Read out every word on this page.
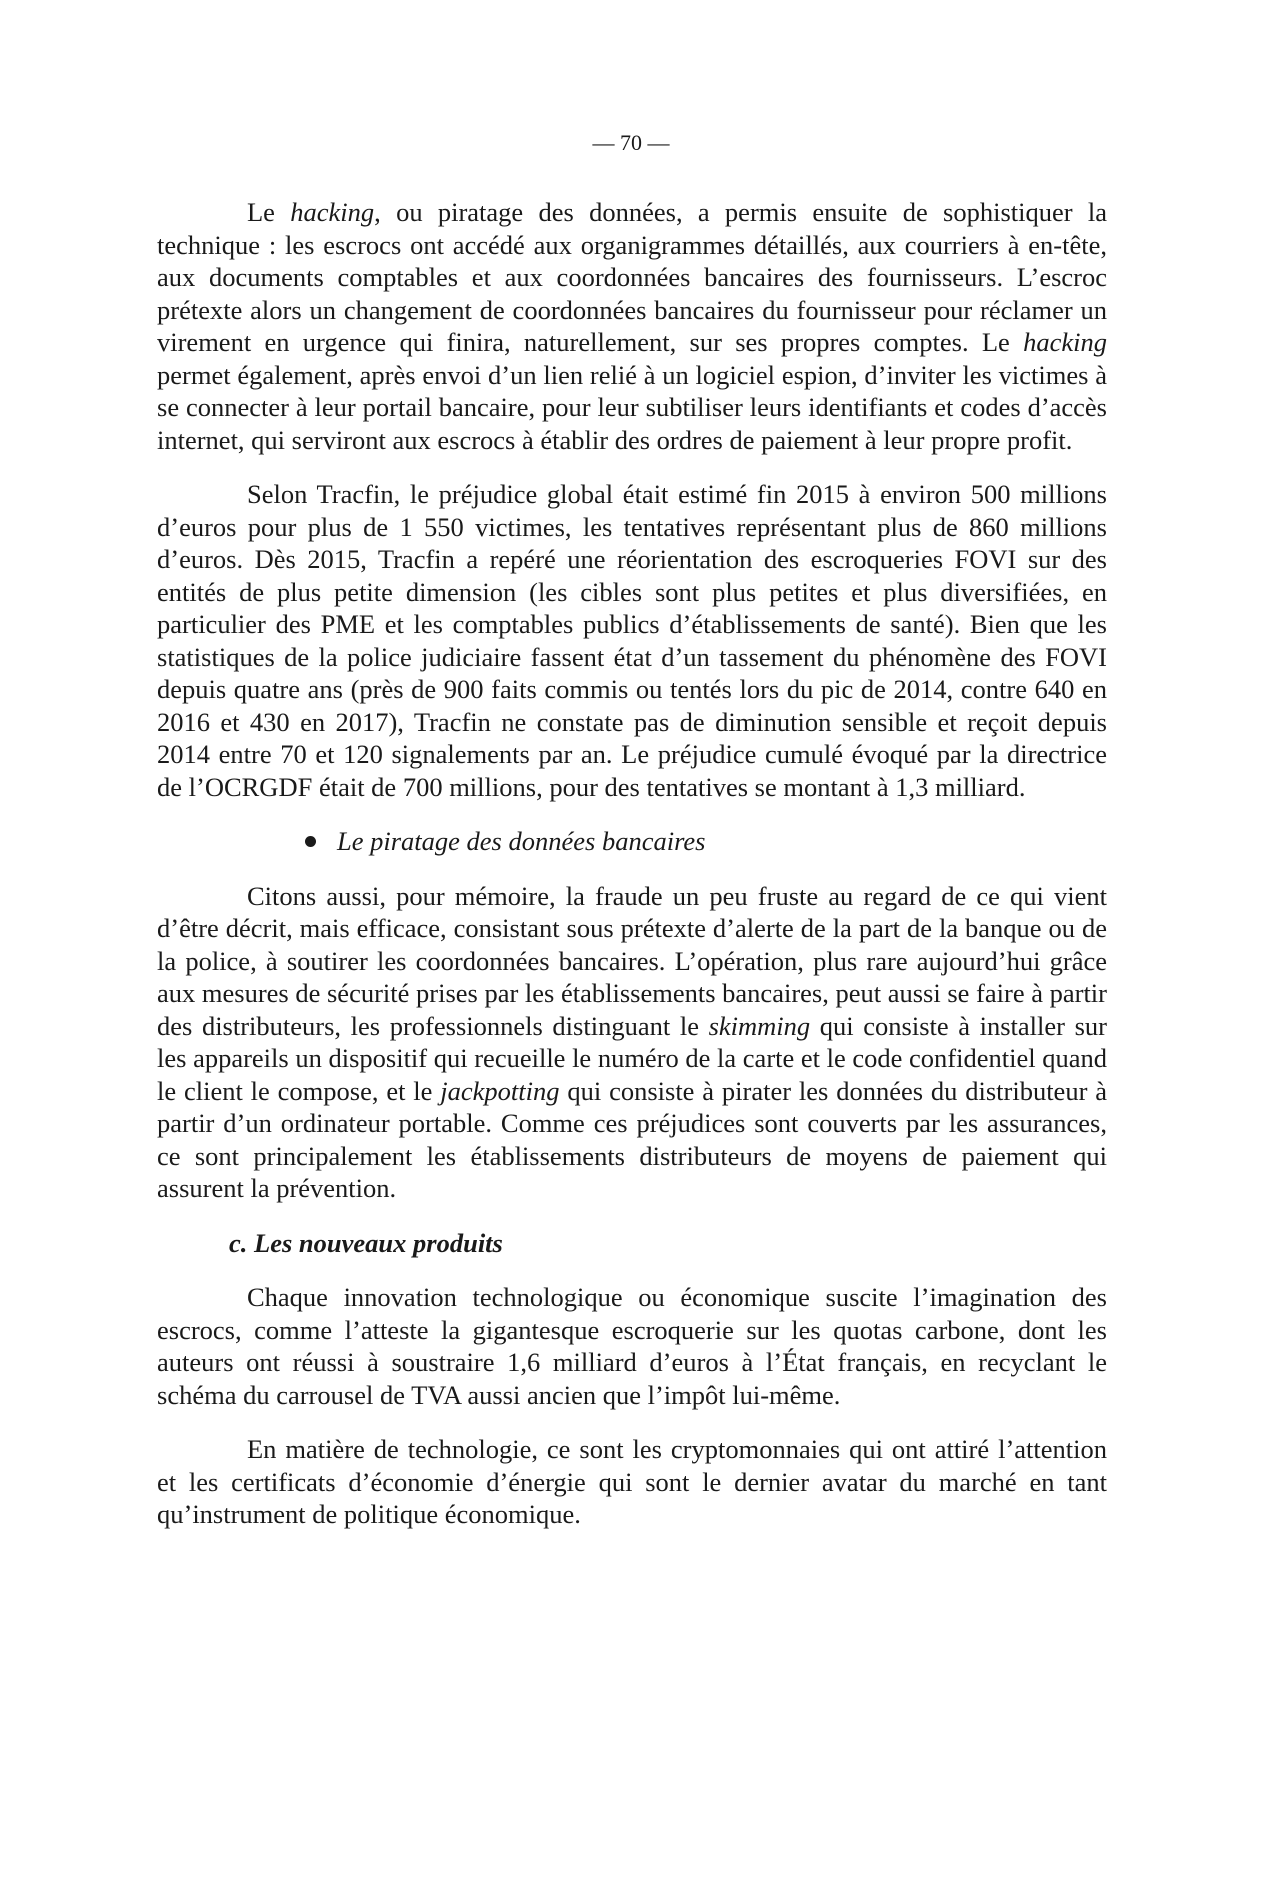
— 70 —

Le hacking, ou piratage des données, a permis ensuite de sophistiquer la technique : les escrocs ont accédé aux organigrammes détaillés, aux courriers à en-tête, aux documents comptables et aux coordonnées bancaires des fournisseurs. L’escroc prétexte alors un changement de coordonnées bancaires du fournisseur pour réclamer un virement en urgence qui finira, naturellement, sur ses propres comptes. Le hacking permet également, après envoi d’un lien relié à un logiciel espion, d’inviter les victimes à se connecter à leur portail bancaire, pour leur subtiliser leurs identifiants et codes d’accès internet, qui serviront aux escrocs à établir des ordres de paiement à leur propre profit.

Selon Tracfin, le préjudice global était estimé fin 2015 à environ 500 millions d’euros pour plus de 1 550 victimes, les tentatives représentant plus de 860 millions d’euros. Dès 2015, Tracfin a repéré une réorientation des escroqueries FOVI sur des entités de plus petite dimension (les cibles sont plus petites et plus diversifiées, en particulier des PME et les comptables publics d’établissements de santé). Bien que les statistiques de la police judiciaire fassent état d’un tassement du phénomène des FOVI depuis quatre ans (près de 900 faits commis ou tentés lors du pic de 2014, contre 640 en 2016 et 430 en 2017), Tracfin ne constate pas de diminution sensible et reçoit depuis 2014 entre 70 et 120 signalements par an. Le préjudice cumulé évoqué par la directrice de l’OCRGDF était de 700 millions, pour des tentatives se montant à 1,3 milliard.

Le piratage des données bancaires

Citons aussi, pour mémoire, la fraude un peu fruste au regard de ce qui vient d’être décrit, mais efficace, consistant sous prétexte d’alerte de la part de la banque ou de la police, à soutirer les coordonnées bancaires. L’opération, plus rare aujourd’hui grâce aux mesures de sécurité prises par les établissements bancaires, peut aussi se faire à partir des distributeurs, les professionnels distinguant le skimming qui consiste à installer sur les appareils un dispositif qui recueille le numéro de la carte et le code confidentiel quand le client le compose, et le jackpotting qui consiste à pirater les données du distributeur à partir d’un ordinateur portable. Comme ces préjudices sont couverts par les assurances, ce sont principalement les établissements distributeurs de moyens de paiement qui assurent la prévention.

c. Les nouveaux produits

Chaque innovation technologique ou économique suscite l’imagination des escrocs, comme l’atteste la gigantesque escroquerie sur les quotas carbone, dont les auteurs ont réussi à soustraire 1,6 milliard d’euros à l’État français, en recyclant le schéma du carrousel de TVA aussi ancien que l’impôt lui-même.

En matière de technologie, ce sont les cryptomonnaies qui ont attiré l’attention et les certificats d’économie d’énergie qui sont le dernier avatar du marché en tant qu’instrument de politique économique.
